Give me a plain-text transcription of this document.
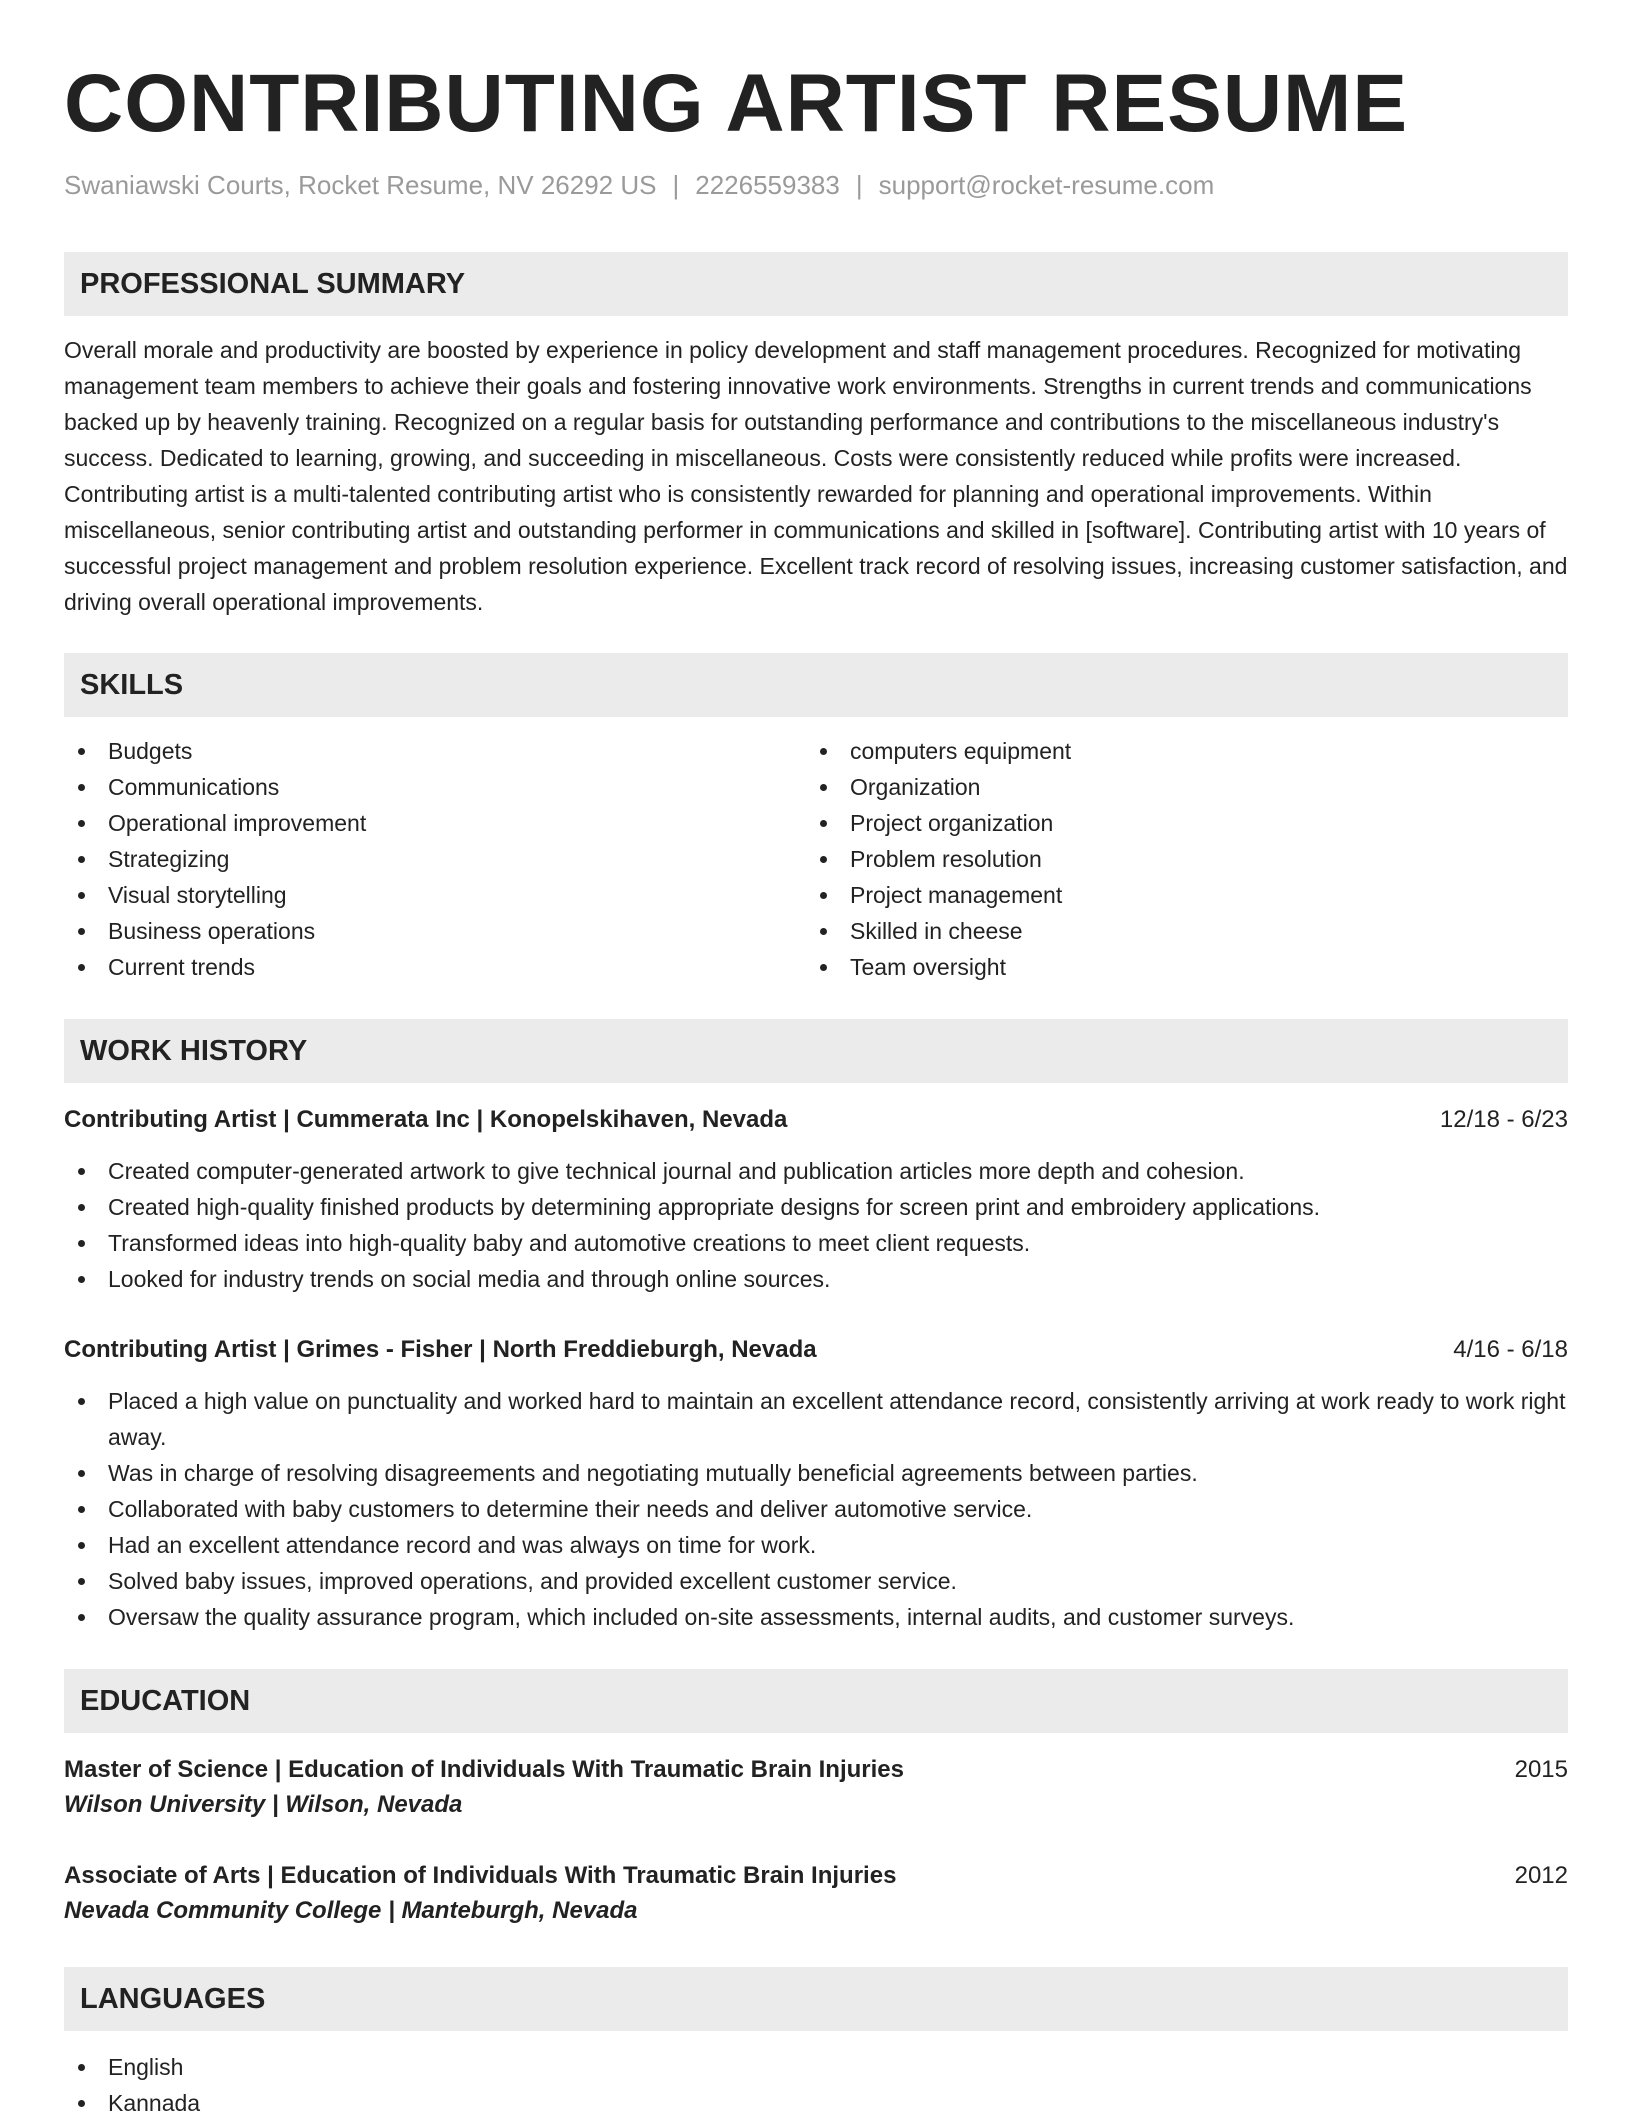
CONTRIBUTING ARTIST RESUME
Swaniawski Courts, Rocket Resume, NV 26292 US | 2226559383 | support@rocket-resume.com
PROFESSIONAL SUMMARY

Overall morale and productivity are boosted by experience in policy development and staff management procedures. Recognized for motivating management team members to achieve their goals and fostering innovative work environments. Strengths in current trends and communications backed up by heavenly training. Recognized on a regular basis for outstanding performance and contributions to the miscellaneous industry's success. Dedicated to learning, growing, and succeeding in miscellaneous. Costs were consistently reduced while profits were increased. Contributing artist is a multi-talented contributing artist who is consistently rewarded for planning and operational improvements. Within miscellaneous, senior contributing artist and outstanding performer in communications and skilled in [software]. Contributing artist with 10 years of successful project management and problem resolution experience. Excellent track record of resolving issues, increasing customer satisfaction, and driving overall operational improvements.

SKILLS
Budgets
Communications
Operational improvement
Strategizing
Visual storytelling
Business operations
Current trends
computers equipment
Organization
Project organization
Problem resolution
Project management
Skilled in cheese
Team oversight
WORK HISTORY
Contributing Artist | Cummerata Inc | Konopelskihaven, Nevada	12/18 - 6/23
Created computer-generated artwork to give technical journal and publication articles more depth and cohesion.
Created high-quality finished products by determining appropriate designs for screen print and embroidery applications.
Transformed ideas into high-quality baby and automotive creations to meet client requests.
Looked for industry trends on social media and through online sources.
Contributing Artist | Grimes - Fisher | North Freddieburgh, Nevada	4/16 - 6/18
Placed a high value on punctuality and worked hard to maintain an excellent attendance record, consistently arriving at work ready to work right away.
Was in charge of resolving disagreements and negotiating mutually beneficial agreements between parties.
Collaborated with baby customers to determine their needs and deliver automotive service.
Had an excellent attendance record and was always on time for work.
Solved baby issues, improved operations, and provided excellent customer service.
Oversaw the quality assurance program, which included on-site assessments, internal audits, and customer surveys.
EDUCATION
Master of Science | Education of Individuals With Traumatic Brain Injuries	2015
Wilson University | Wilson, Nevada
Associate of Arts | Education of Individuals With Traumatic Brain Injuries	2012
Nevada Community College | Manteburgh, Nevada
LANGUAGES
English
Kannada
